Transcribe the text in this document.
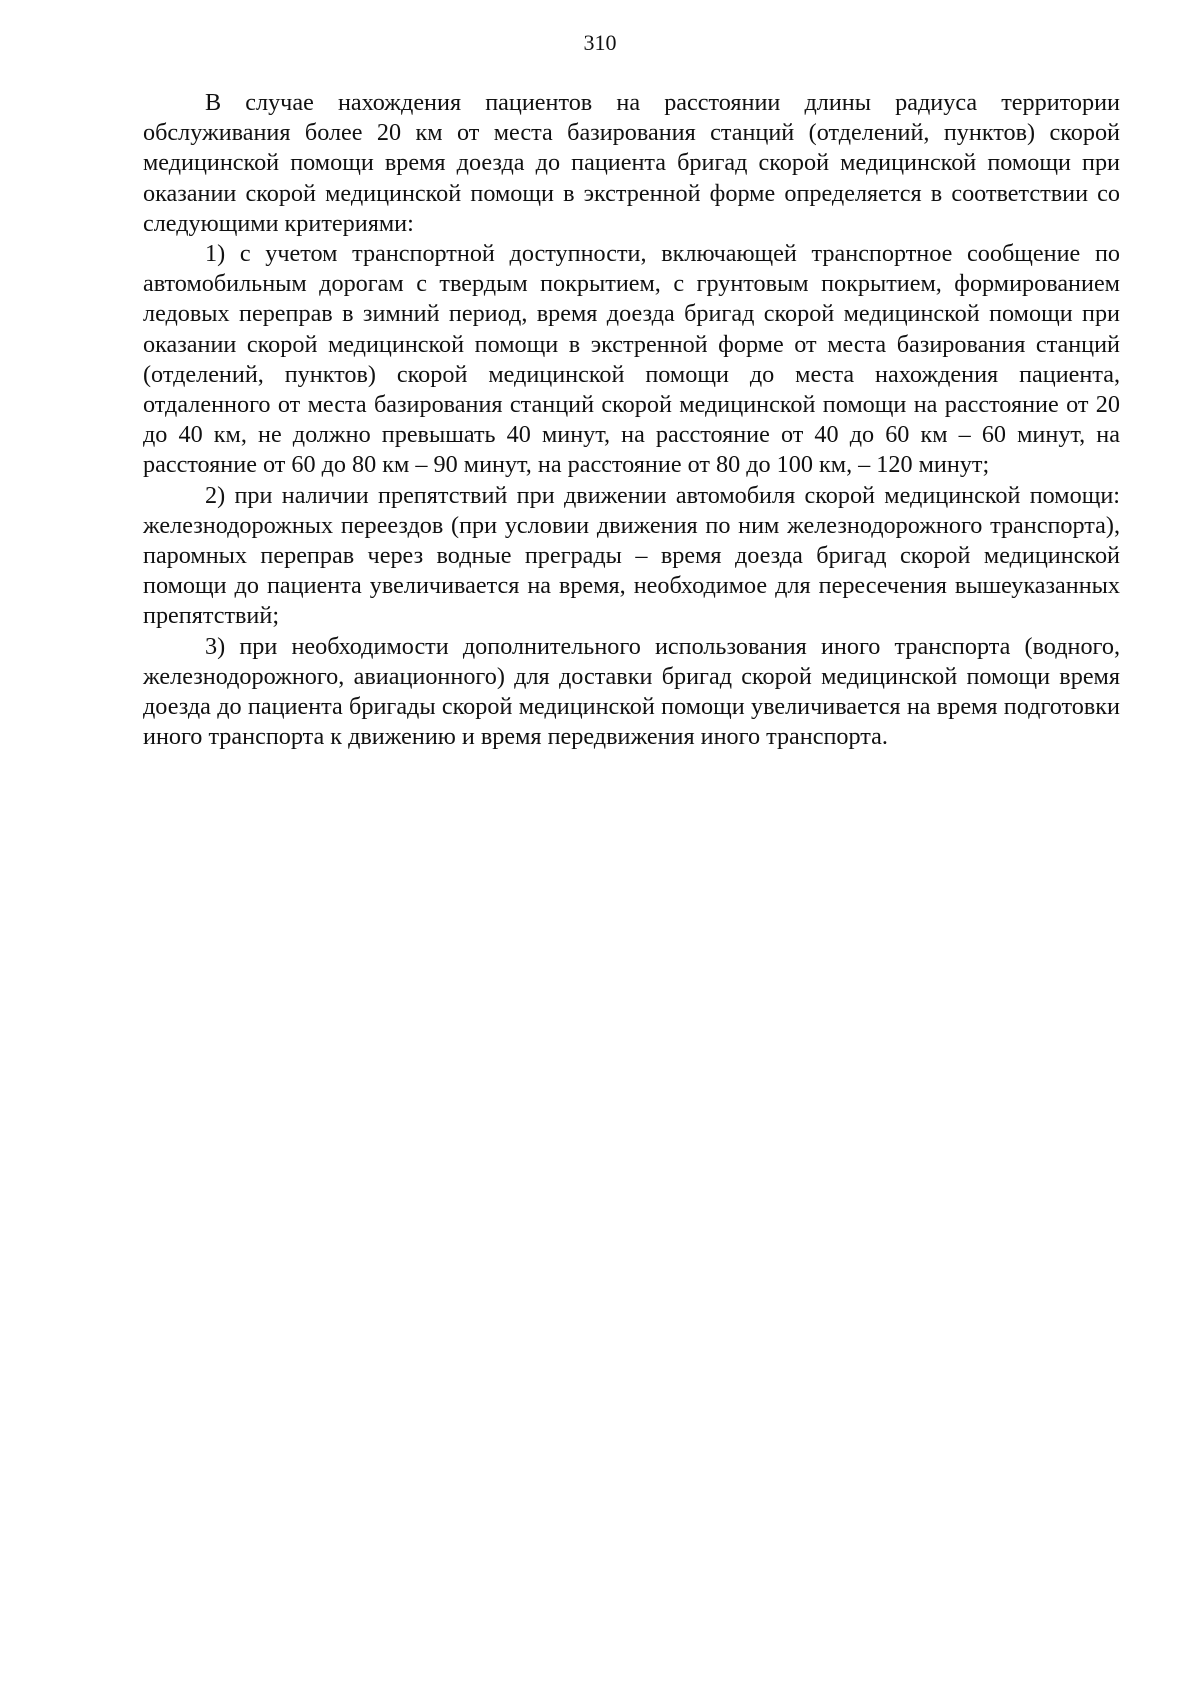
310

В случае нахождения пациентов на расстоянии длины радиуса территории обслуживания более 20 км от места базирования станций (отделений, пунктов) скорой медицинской помощи время доезда до пациента бригад скорой медицинской помощи при оказании скорой медицинской помощи в экстренной форме определяется в соответствии со следующими критериями:

1) с учетом транспортной доступности, включающей транспортное сообщение по автомобильным дорогам с твердым покрытием, с грунтовым покрытием, формированием ледовых переправ в зимний период, время доезда бригад скорой медицинской помощи при оказании скорой медицинской помощи в экстренной форме от места базирования станций (отделений, пунктов) скорой медицинской помощи до места нахождения пациента, отдаленного от места базирования станций скорой медицинской помощи на расстояние от 20 до 40 км, не должно превышать 40 минут, на расстояние от 40 до 60 км – 60 минут, на расстояние от 60 до 80 км – 90 минут, на расстояние от 80 до 100 км, – 120 минут;

2) при наличии препятствий при движении автомобиля скорой медицинской помощи: железнодорожных переездов (при условии движения по ним железнодорожного транспорта), паромных переправ через водные преграды – время доезда бригад скорой медицинской помощи до пациента увеличивается на время, необходимое для пересечения вышеуказанных препятствий;

3) при необходимости дополнительного использования иного транспорта (водного, железнодорожного, авиационного) для доставки бригад скорой медицинской помощи время доезда до пациента бригады скорой медицинской помощи увеличивается на время подготовки иного транспорта к движению и время передвижения иного транспорта.
